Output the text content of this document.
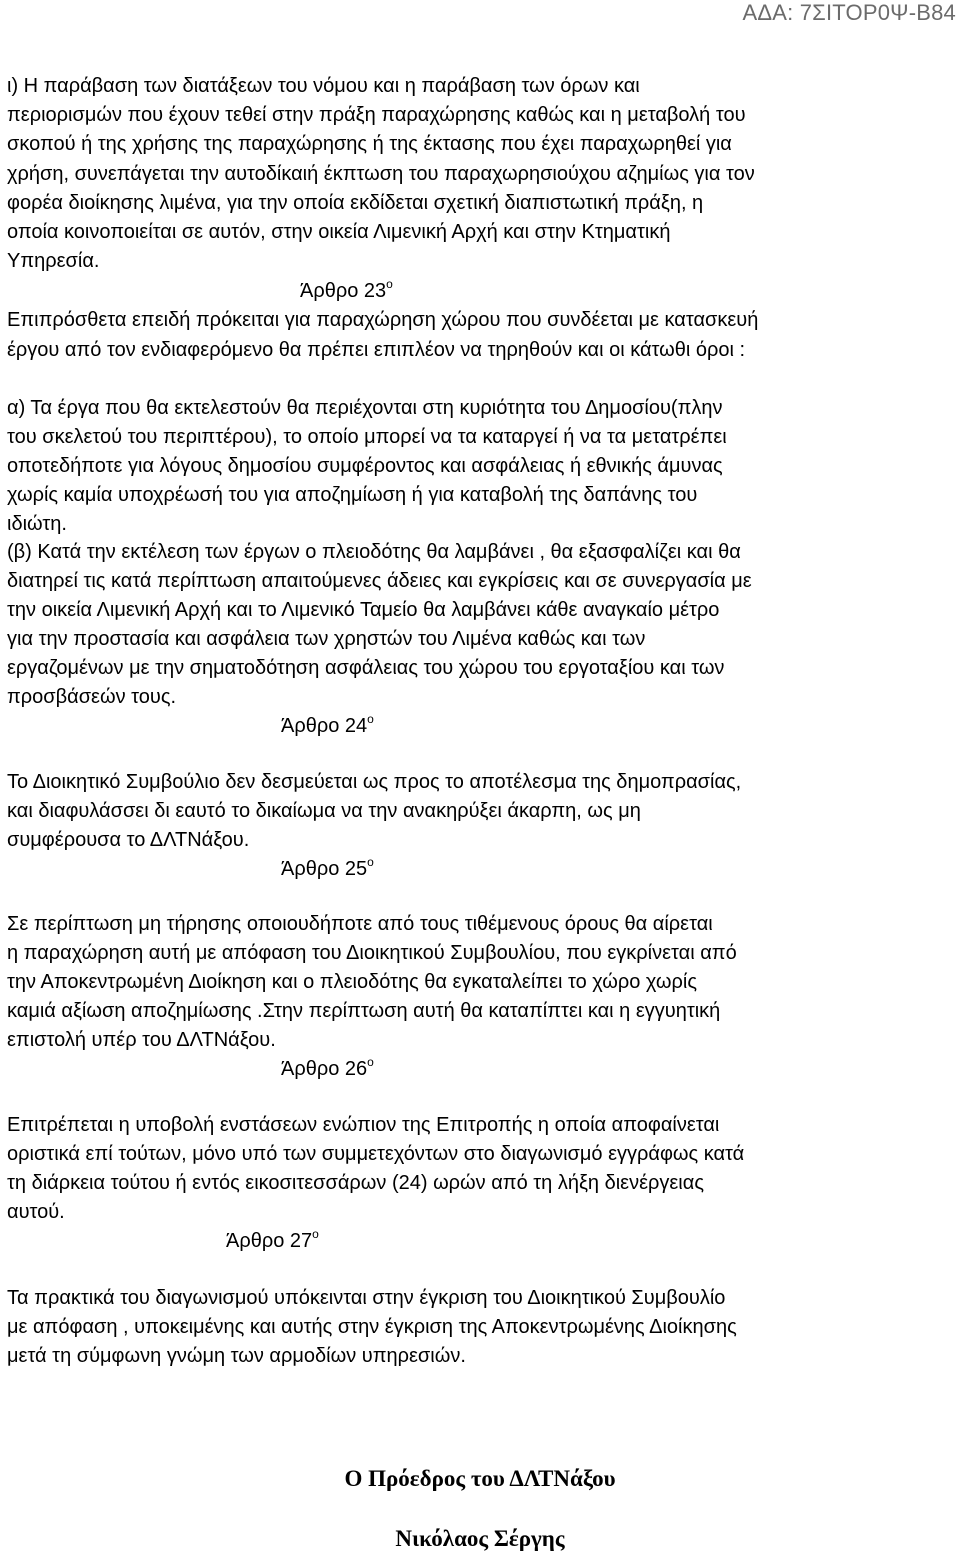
ΑΔΑ: 7ΣΙΤΟΡ0Ψ-Β84
ι) Η παράβαση των διατάξεων του νόμου και η παράβαση των όρων και
περιορισμών που έχουν τεθεί στην πράξη παραχώρησης καθώς και η μεταβολή του
σκοπού ή της χρήσης της παραχώρησης ή της έκτασης που έχει παραχωρηθεί για
χρήση, συνεπάγεται την αυτοδίκαιή έκπτωση του παραχωρησιούχου αζημίως για τον
φορέα διοίκησης λιμένα, για την οποία εκδίδεται σχετική διαπιστωτική πράξη, η
οποία κοινοποιείται σε αυτόν, στην οικεία Λιμενική Αρχή και στην Κτηματική
Υπηρεσία.
Άρθρο $23^o$
Επιπρόσθετα επειδή πρόκειται για παραχώρηση χώρου που συνδέεται με κατασκευή
έργου από τον ενδιαφερόμενο θα πρέπει επιπλέον να τηρηθούν και οι κάτωθι όροι :
α) Τα έργα που θα εκτελεστούν θα περιέχονται στη κυριότητα του Δημοσίου(πλην
του σκελετού του περιπτέρου), το οποίο μπορεί να τα καταργεί ή να τα μετατρέπει
οποτεδήποτε για λόγους δημοσίου συμφέροντος και ασφάλειας ή εθνικής άμυνας
χωρίς καμία υποχρέωσή του για αποζημίωση ή για καταβολή της δαπάνης του
ιδιώτη.
(β) Κατά την εκτέλεση των έργων ο πλειοδότης θα λαμβάνει , θα εξασφαλίζει και θα
διατηρεί τις κατά περίπτωση απαιτούμενες άδειες και εγκρίσεις και σε συνεργασία με
την οικεία Λιμενική Αρχή και το Λιμενικό Ταμείο θα λαμβάνει κάθε αναγκαίο μέτρο
για την προστασία και ασφάλεια των χρηστών του Λιμένα καθώς και των
εργαζομένων με την σηματοδότηση ασφάλειας του χώρου του εργοταξίου και των
προσβάσεών τους.
Άρθρο $24^o$
Το Διοικητικό Συμβούλιο δεν δεσμεύεται ως προς το αποτέλεσμα της δημοπρασίας,
και διαφυλάσσει δι εαυτό το δικαίωμα να την ανακηρύξει άκαρπη, ως μη
συμφέρουσα το ΔΛΤΝάξου.
Άρθρο $25^o$
Σε περίπτωση μη τήρησης οποιουδήποτε από τους τιθέμενους όρους θα αίρεται
η παραχώρηση αυτή με απόφαση του Διοικητικού Συμβουλίου, που εγκρίνεται από
την Αποκεντρωμένη Διοίκηση και ο πλειοδότης θα εγκαταλείπει το χώρο χωρίς
καμιά αξίωση αποζημίωσης .Στην περίπτωση αυτή θα καταπίπτει και η εγγυητική
επιστολή υπέρ του ΔΛΤΝάξου.
Άρθρο $26^o$
Επιτρέπεται η υποβολή ενστάσεων ενώπιον της Επιτροπής η οποία αποφαίνεται
οριστικά επί τούτων, μόνο υπό των συμμετεχόντων στο διαγωνισμό εγγράφως κατά
τη διάρκεια τούτου ή εντός εικοσιτεσσάρων (24) ωρών από τη λήξη διενέργειας
αυτού.
Άρθρο $27^o$
Τα πρακτικά του διαγωνισμού υπόκεινται στην έγκριση του Διοικητικού Συμβουλίο
με απόφαση , υποκειμένης και αυτής στην έγκριση της Αποκεντρωμένης Διοίκησης
μετά τη σύμφωνη γνώμη των αρμοδίων υπηρεσιών.
Ο Πρόεδρος του ΔΛΤΝάξου
Νικόλαος Σέργης
